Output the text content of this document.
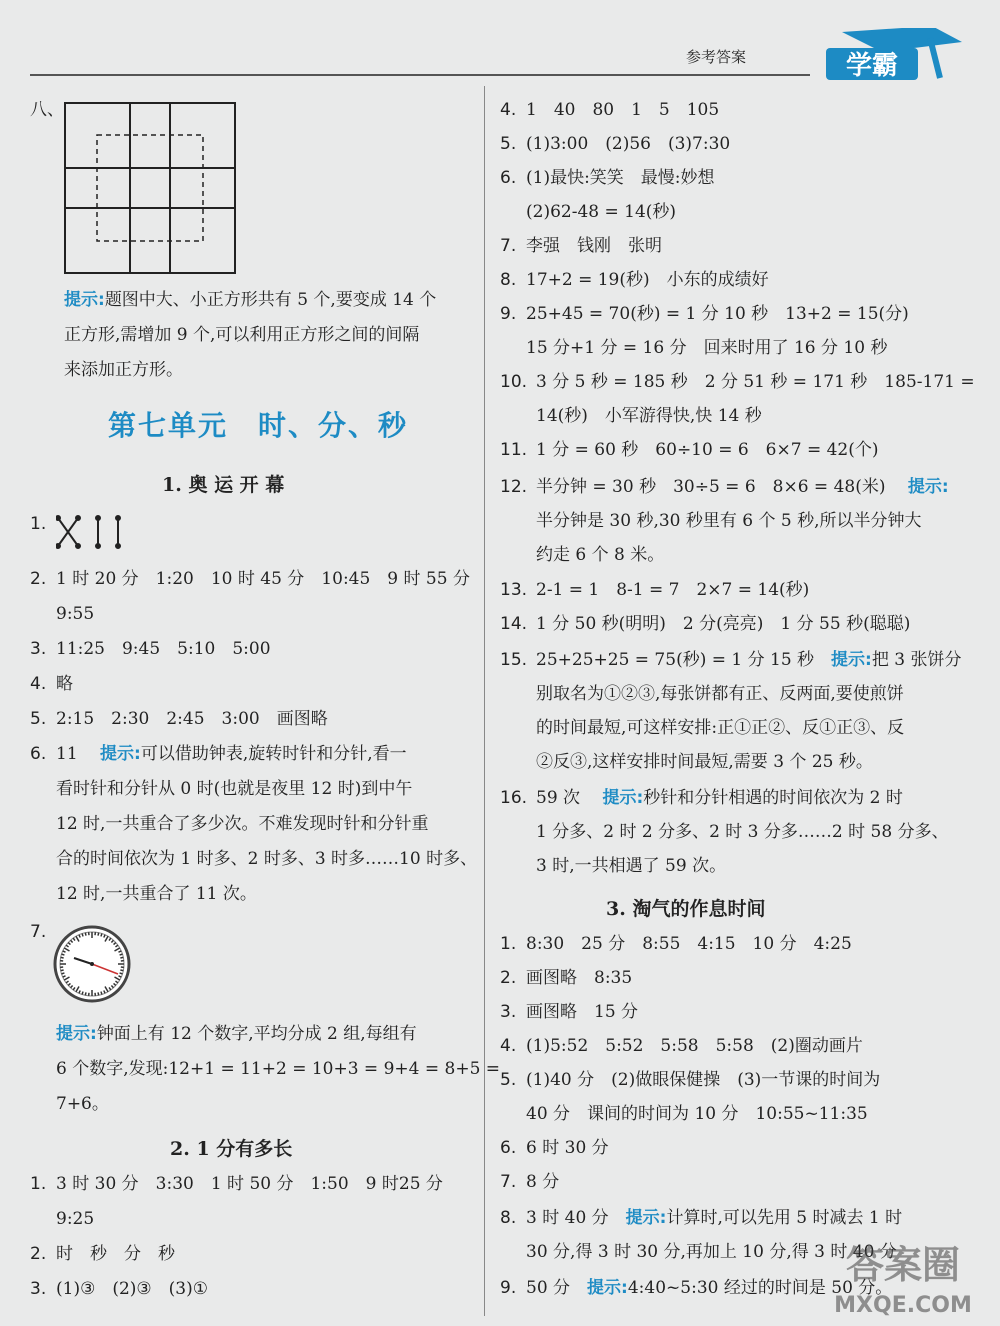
参考答案	学霸
八、
提示:题图中大、小正方形共有 5 个,要变成 14 个
正方形,需增加 9 个,可以利用正方形之间的间隔
来添加正方形。
第七单元　时、分、秒
1. 奥 运 开 幕
1.
2. 1 时 20 分　1:20　10 时 45 分　10:45　9 时 55 分
9:55
3. 11:25　9:45　5:10　5:00
4. 略
5. 2:15　2:30　2:45　3:00　画图略
6. 11　 提示:可以借助钟表,旋转时针和分针,看一
看时针和分针从 0 时(也就是夜里 12 时)到中午
12 时,一共重合了多少次。不难发现时针和分针重
合的时间依次为 1 时多、2 时多、3 时多……10 时多、
12 时,一共重合了 11 次。
7.
提示:钟面上有 12 个数字,平均分成 2 组,每组有
6 个数字,发现:12+1 = 11+2 = 10+3 = 9+4 = 8+5 =
7+6。
2. 1 分有多长
1. 3 时 30 分　3:30　1 时 50 分　1:50　9 时25 分
9:25
2. 时　秒　分　秒
3. (1)③　(2)③　(3)①
4. 1　40　80　1　5　105
5. (1)3:00　(2)56　(3)7:30
6. (1)最快:笑笑　最慢:妙想
(2)62-48 = 14(秒)
7. 李强　钱刚　张明
8. 17+2 = 19(秒)　小东的成绩好
9. 25+45 = 70(秒) = 1 分 10 秒　13+2 = 15(分)
15 分+1 分 = 16 分　回来时用了 16 分 10 秒
10. 3 分 5 秒 = 185 秒　2 分 51 秒 = 171 秒　185-171 =
14(秒)　小军游得快,快 14 秒
11. 1 分 = 60 秒　60÷10 = 6　6×7 = 42(个)
12. 半分钟 = 30 秒　30÷5 = 6　8×6 = 48(米)　 提示:
半分钟是 30 秒,30 秒里有 6 个 5 秒,所以半分钟大
约走 6 个 8 米。
13. 2-1 = 1　8-1 = 7　2×7 = 14(秒)
14. 1 分 50 秒(明明)　2 分(亮亮)　1 分 55 秒(聪聪)
15. 25+25+25 = 75(秒) = 1 分 15 秒　 提示:把 3 张饼分
别取名为①②③,每张饼都有正、反两面,要使煎饼
的时间最短,可这样安排:正①正②、反①正③、反
②反③,这样安排时间最短,需要 3 个 25 秒。
16. 59 次　 提示:秒针和分针相遇的时间依次为 2 时
1 分多、2 时 2 分多、2 时 3 分多……2 时 58 分多、
3 时,一共相遇了 59 次。
3. 淘气的作息时间
1. 8:30　25 分　8:55　4:15　10 分　4:25
2. 画图略　8:35
3. 画图略　15 分
4. (1)5:52　5:52　5:58　5:58　(2)圈动画片
5. (1)40 分　(2)做眼保健操　(3)一节课的时间为
40 分　课间的时间为 10 分　10:55~11:35
6. 6 时 30 分
7. 8 分
8. 3 时 40 分　 提示:计算时,可以先用 5 时减去 1 时
30 分,得 3 时 30 分,再加上 10 分,得 3 时 40 分
9. 50 分　 提示:4:40~5:30 经过的时间是 50 分。
答案圈
MXQE.COM
